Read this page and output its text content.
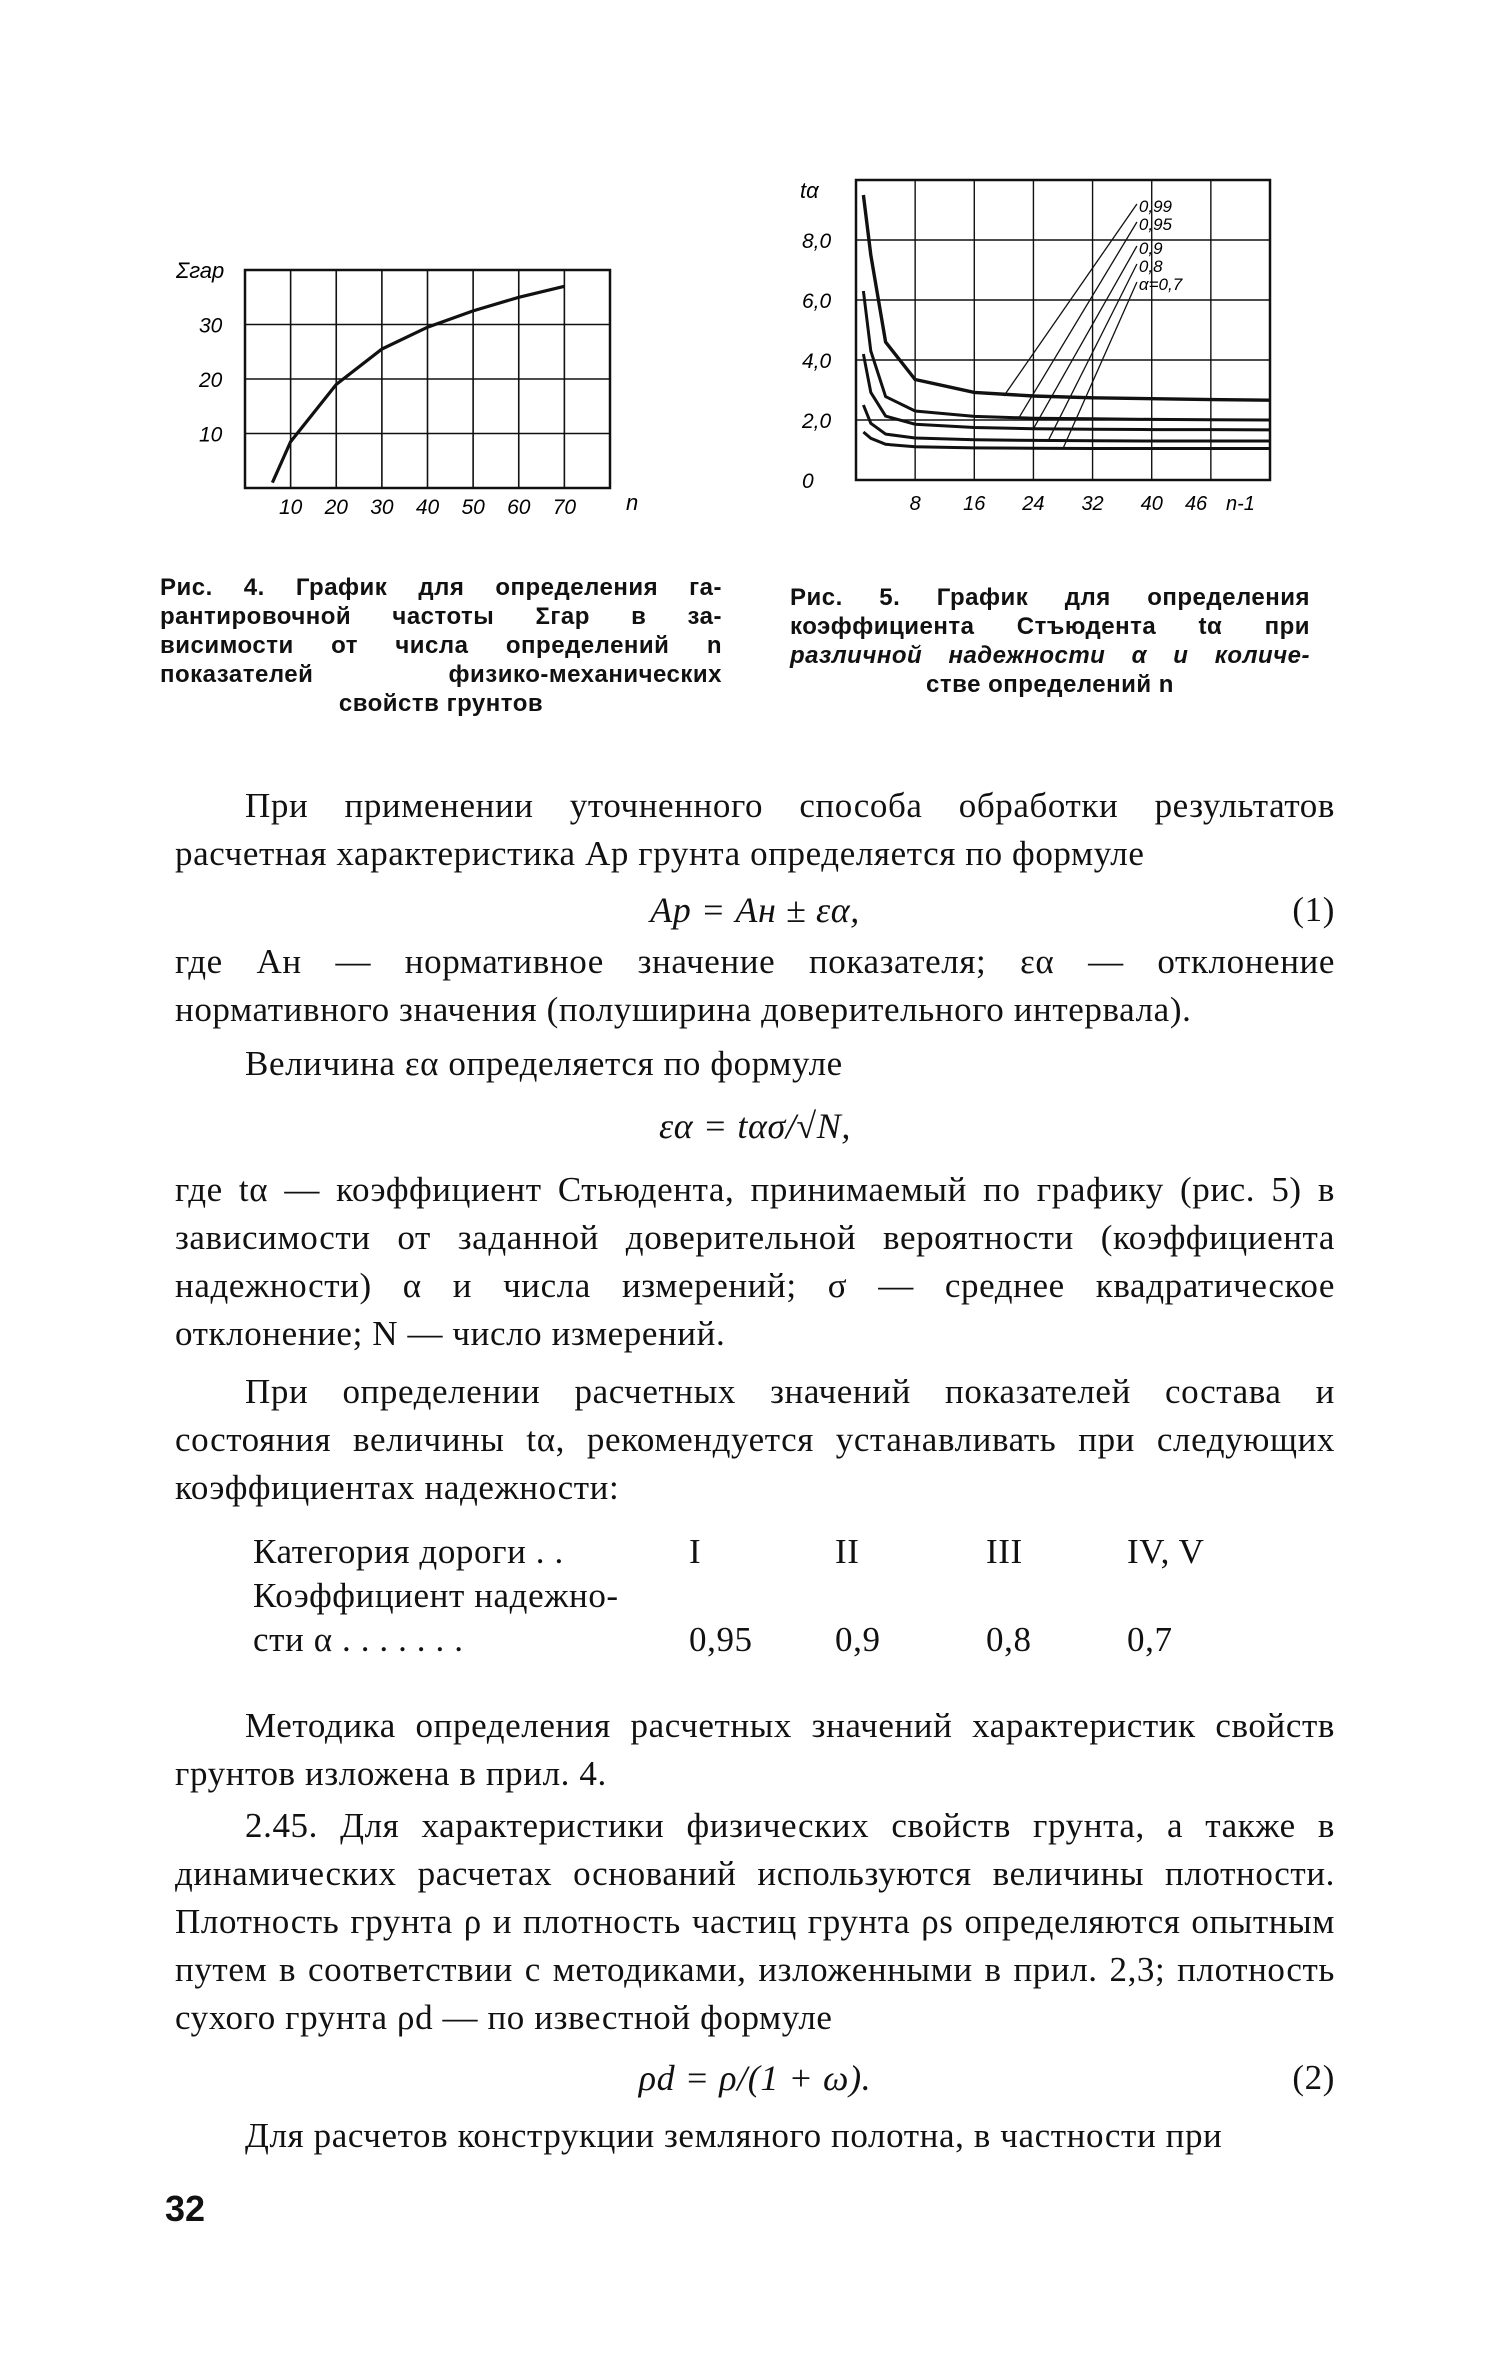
Σгар
30
20
10
10 20 30 40 50 60 70 n
Рис. 4. График для определения га-
рантировочной частоты Σгар в за-
висимости от числа определений n
показателей физико-механических
свойств грунтов
tα
8,0
6,0
4,0
2,0
0
8 16 24 32 40 46
0,99
0,95
0,9
0,8
α=0,7
n-1
Рис. 5. График для определения
коэффициента Стъюдента tα при
различной надежности α и количе-
стве определений n

При применении уточненного способа обработки результатов расчетная характеристика Aр грунта определяется по формуле

Aр = Aн ± εα,	(1)

где Aн — нормативное значение показателя; εα — отклонение нормативного значения (полуширина доверительного интервала).

Величина εα определяется по формуле

εα = tασ/√N,

где tα — коэффициент Стьюдента, принимаемый по графику (рис. 5) в зависимости от заданной доверительной вероятности (коэффициента надежности) α и числа измерений; σ — среднее квадратическое отклонение; N — число измерений.

При определении расчетных значений показателей состава и состояния величины tα, рекомендуется устанавливать при следующих коэффициентах надежности:

Категория дороги . .	I	II	III	IV, V
Коэффициент надежно-				
сти α . . . . . . .	0,95	0,9	0,8	0,7

Методика определения расчетных значений характеристик свойств грунтов изложена в прил. 4.

2.45. Для характеристики физических свойств грунта, а также в динамических расчетах оснований используются величины плотности. Плотность грунта ρ и плотность частиц грунта ρs определяются опытным путем в соответствии с методиками, изложенными в прил. 2,3; плотность сухого грунта ρd — по известной формуле

ρd = ρ/(1 + ω).	(2)

Для расчетов конструкции земляного полотна, в частности при

32
